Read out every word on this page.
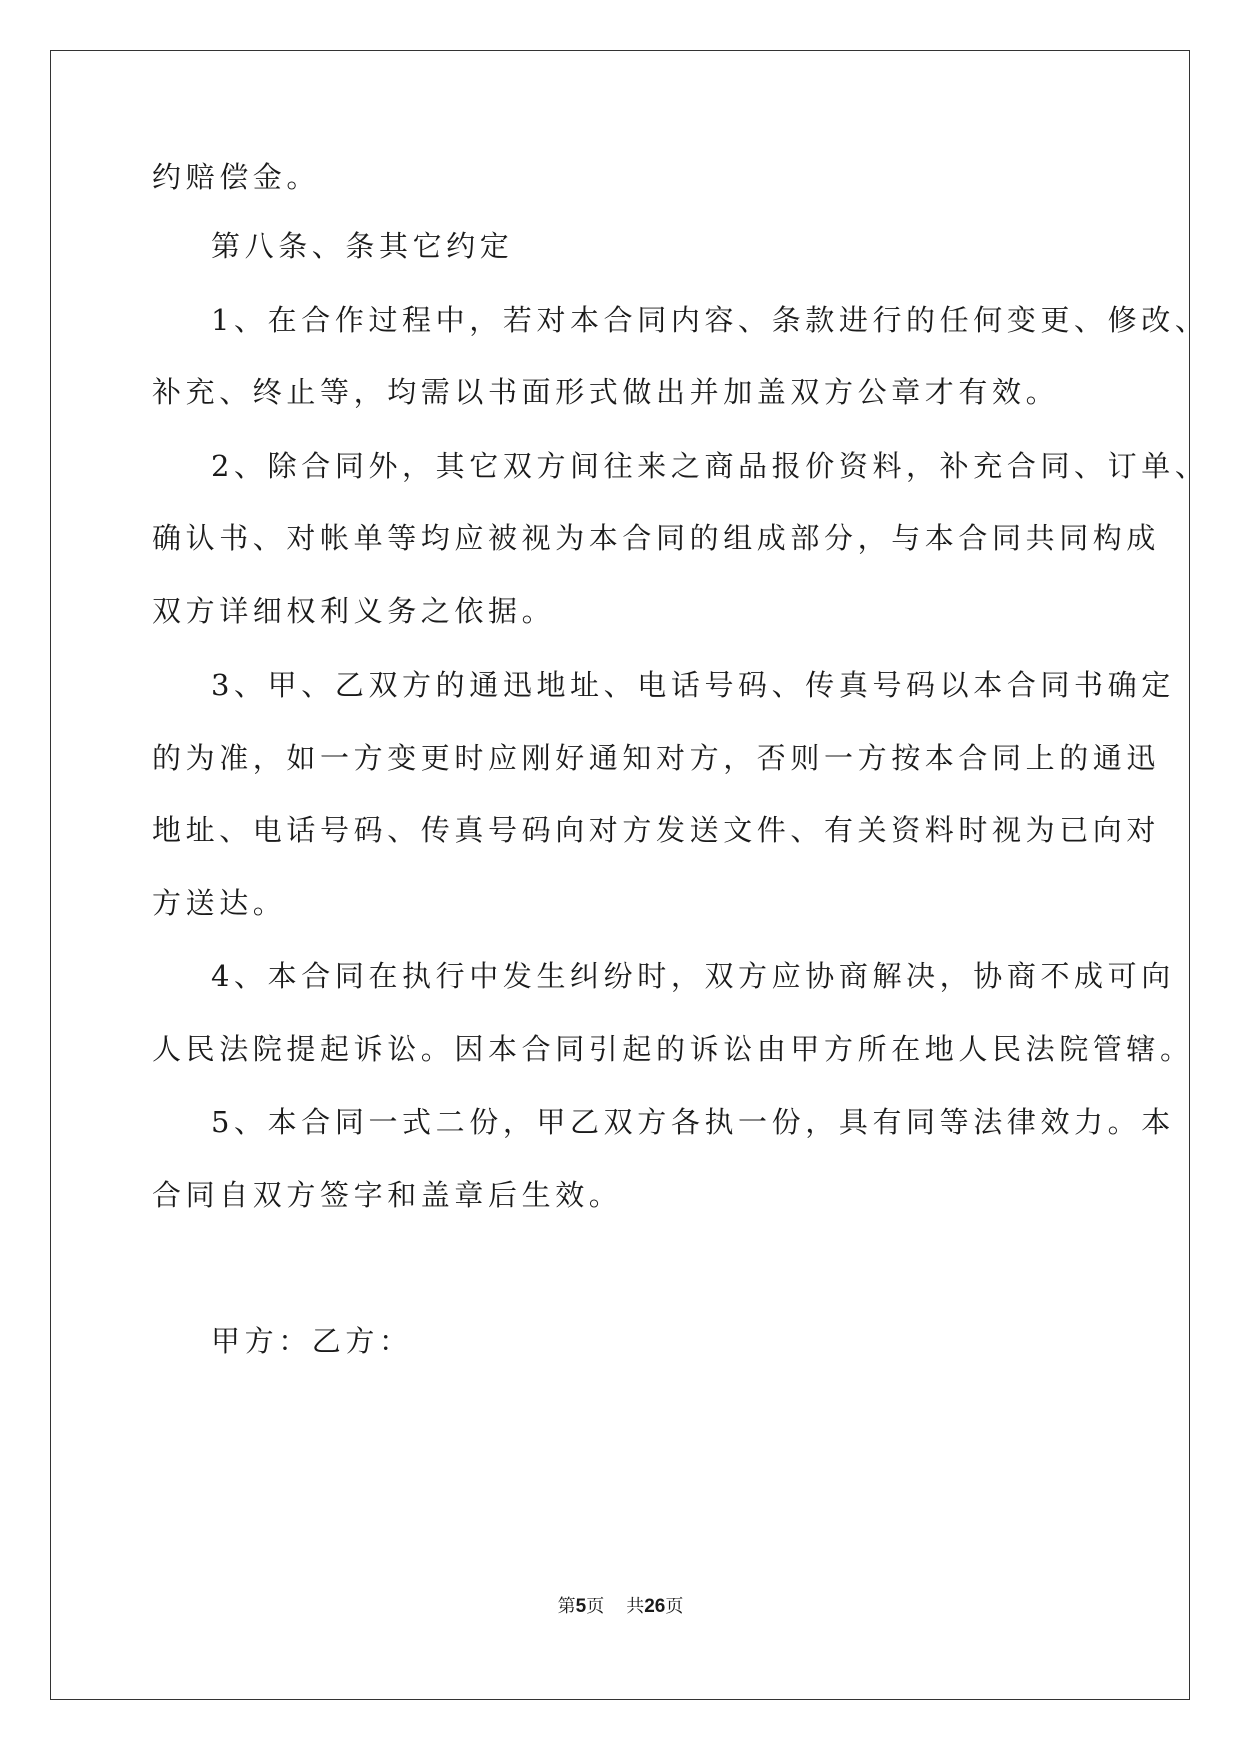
约赔偿金。
第八条、条其它约定
1、在合作过程中，若对本合同内容、条款进行的任何变更、修改、
补充、终止等，均需以书面形式做出并加盖双方公章才有效。
2、除合同外，其它双方间往来之商品报价资料，补充合同、订单、
确认书、对帐单等均应被视为本合同的组成部分，与本合同共同构成
双方详细权利义务之依据。
3、甲、乙双方的通迅地址、电话号码、传真号码以本合同书确定
的为准，如一方变更时应刚好通知对方，否则一方按本合同上的通迅
地址、电话号码、传真号码向对方发送文件、有关资料时视为已向对
方送达。
4、本合同在执行中发生纠纷时，双方应协商解决，协商不成可向
人民法院提起诉讼。因本合同引起的诉讼由甲方所在地人民法院管辖。
5、本合同一式二份，甲乙双方各执一份，具有同等法律效力。本
合同自双方签字和盖章后生效。
甲方：乙方：
第5页 共26页
